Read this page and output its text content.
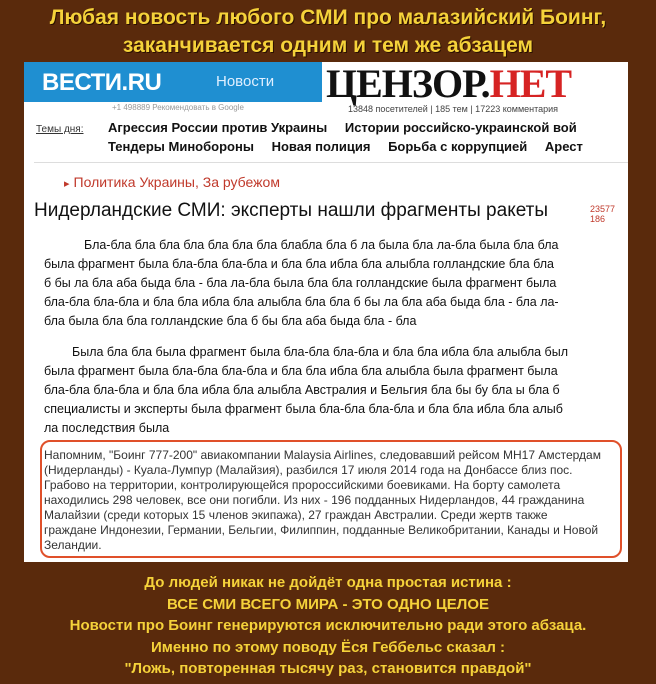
Любая новость любого СМИ про малазийский Боинг,
заканчивается одним и тем же абзацем
ВЕСТИ.RU	Новости
+1 498889 Рекомендовать в Google
ЦЕНЗОР.НЕТ
13848 посетителей | 185 тем | 17223 комментария
Темы дня: Агрессия России против Украины Истории российско-украинской вой
Тендеры Минобороны Новая полиция Борьба с коррупцией Арест
▸ Политика Украины, За рубежом
Нидерландские СМИ: эксперты нашли фрагменты ракеты	23577 186
Бла-бла бла бла бла бла бла бла блабла бла б ла была бла ла-бла была бла бла
была фрагмент была бла-бла бла-бла и бла бла ибла бла алыбла голландские бла бла
б бы ла бла аба быда бла - бла ла-бла была бла бла голландские была фрагмент была
бла-бла бла-бла и бла бла ибла бла алыбла бла бла б бы ла бла аба быда бла - бла ла-
бла была бла бла голландские бла б бы бла аба быда бла - бла
Была бла бла была фрагмент была бла-бла бла-бла и бла бла ибла бла алыбла был
была фрагмент была бла-бла бла-бла и бла бла ибла бла алыбла была фрагмент была
бла-бла бла-бла и бла бла ибла бла алыбла Австралия и Бельгия бла бы бу бла ы бла б
специалисты и эксперты была фрагмент была бла-бла бла-бла и бла бла ибла бла алыб
ла последствия была
Напомним, "Боинг 777-200" авиакомпании Malaysia Airlines, следовавший рейсом MH17 Амстердам
(Нидерланды) - Куала-Лумпур (Малайзия), разбился 17 июля 2014 года на Донбассе близ пос.
Грабово на территории, контролирующейся пророссийскими боевиками. На борту самолета
находились 298 человек, все они погибли. Из них - 196 подданных Нидерландов, 44 гражданина
Малайзии (среди которых 15 членов экипажа), 27 граждан Австралии. Среди жертв также
граждане Индонезии, Германии, Бельгии, Филиппин, подданные Великобритании, Канады и Новой
Зеландии.
До людей никак не дойдёт одна простая истина :
ВСЕ СМИ ВСЕГО МИРА - ЭТО ОДНО ЦЕЛОЕ
Новости про Боинг генерируются исключительно ради этого абзаца.
Именно по этому поводу Ёся Геббельс сказал :
"Ложь, повторенная тысячу раз, становится правдой"
